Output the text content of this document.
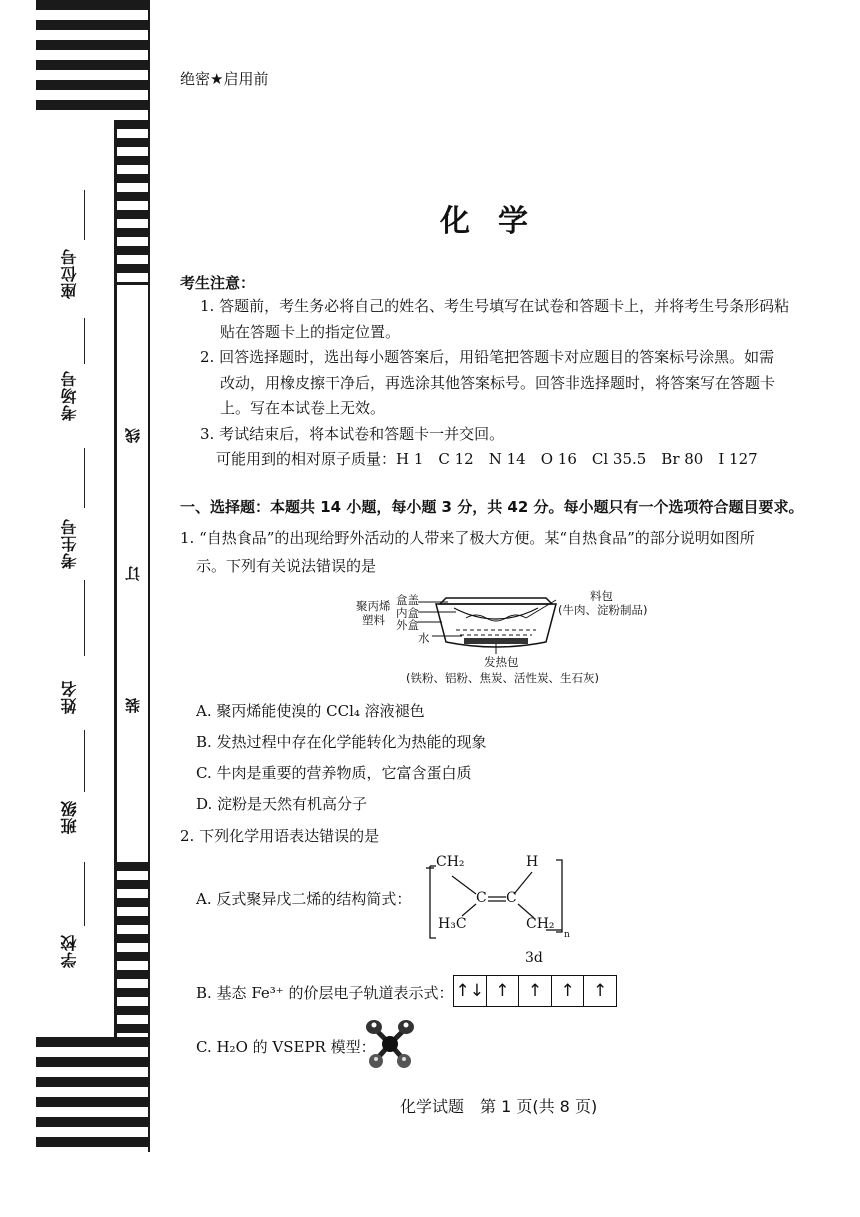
座位号
考场号
考生号
姓名
班级
学校
线
订
装
绝密★启用前
化学
考生注意：

1. 答题前，考生务必将自己的姓名、考生号填写在试卷和答题卡上，并将考生号条形码粘

贴在答题卡上的指定位置。

2. 回答选择题时，选出每小题答案后，用铅笔把答题卡对应题目的答案标号涂黑。如需

改动，用橡皮擦干净后，再选涂其他答案标号。回答非选择题时，将答案写在答题卡

上。写在本试卷上无效。

3. 考试结束后，将本试卷和答题卡一并交回。

可能用到的相对原子质量：H 1　C 12　N 14　O 16　Cl 35.5　Br 80　I 127

一、选择题：本题共 14 小题，每小题 3 分，共 42 分。每小题只有一个选项符合题目要求。
1. “自热食品”的出现给野外活动的人带来了极大方便。某“自热食品”的部分说明如图所
示。下列有关说法错误的是
聚丙烯
塑料
盒盖
内盒
外盒
水
料包
(牛肉、淀粉制品)
发热包
(铁粉、铝粉、焦炭、活性炭、生石灰)
A. 聚丙烯能使溴的 CCl₄ 溶液褪色
B. 发热过程中存在化学能转化为热能的现象
C. 牛肉是重要的营养物质，它富含蛋白质
D. 淀粉是天然有机高分子
2. 下列化学用语表达错误的是
A. 反式聚异戊二烯的结构简式：
CH₂	H
C C
H₃C	CH₂
n
3d
B. 基态 Fe³⁺ 的价层电子轨道表示式： ↑↓ ↑	↑	↑	↑
C. H₂O 的 VSEPR 模型：
化学试题　第 1 页(共 8 页)
